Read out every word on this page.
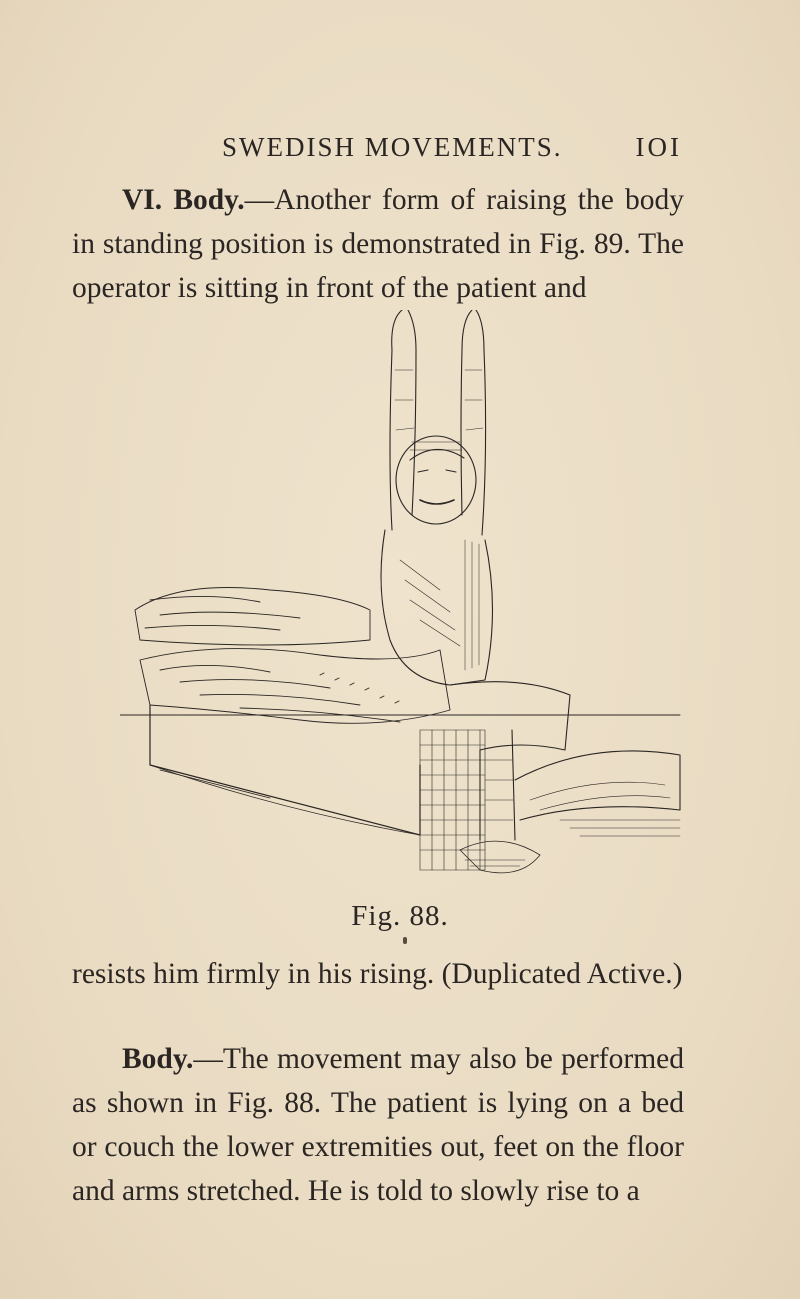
SWEDISH MOVEMENTS.	IOI

VI. Body.—Another form of raising the body in standing position is demonstrated in Fig. 89. The operator is sitting in front of the patient and

Fig. 88.

resists him firmly in his rising. (Duplicated Active.)

Body.—The movement may also be performed as shown in Fig. 88. The patient is lying on a bed or couch the lower extremities out, feet on the floor and arms stretched. He is told to slowly rise to a
